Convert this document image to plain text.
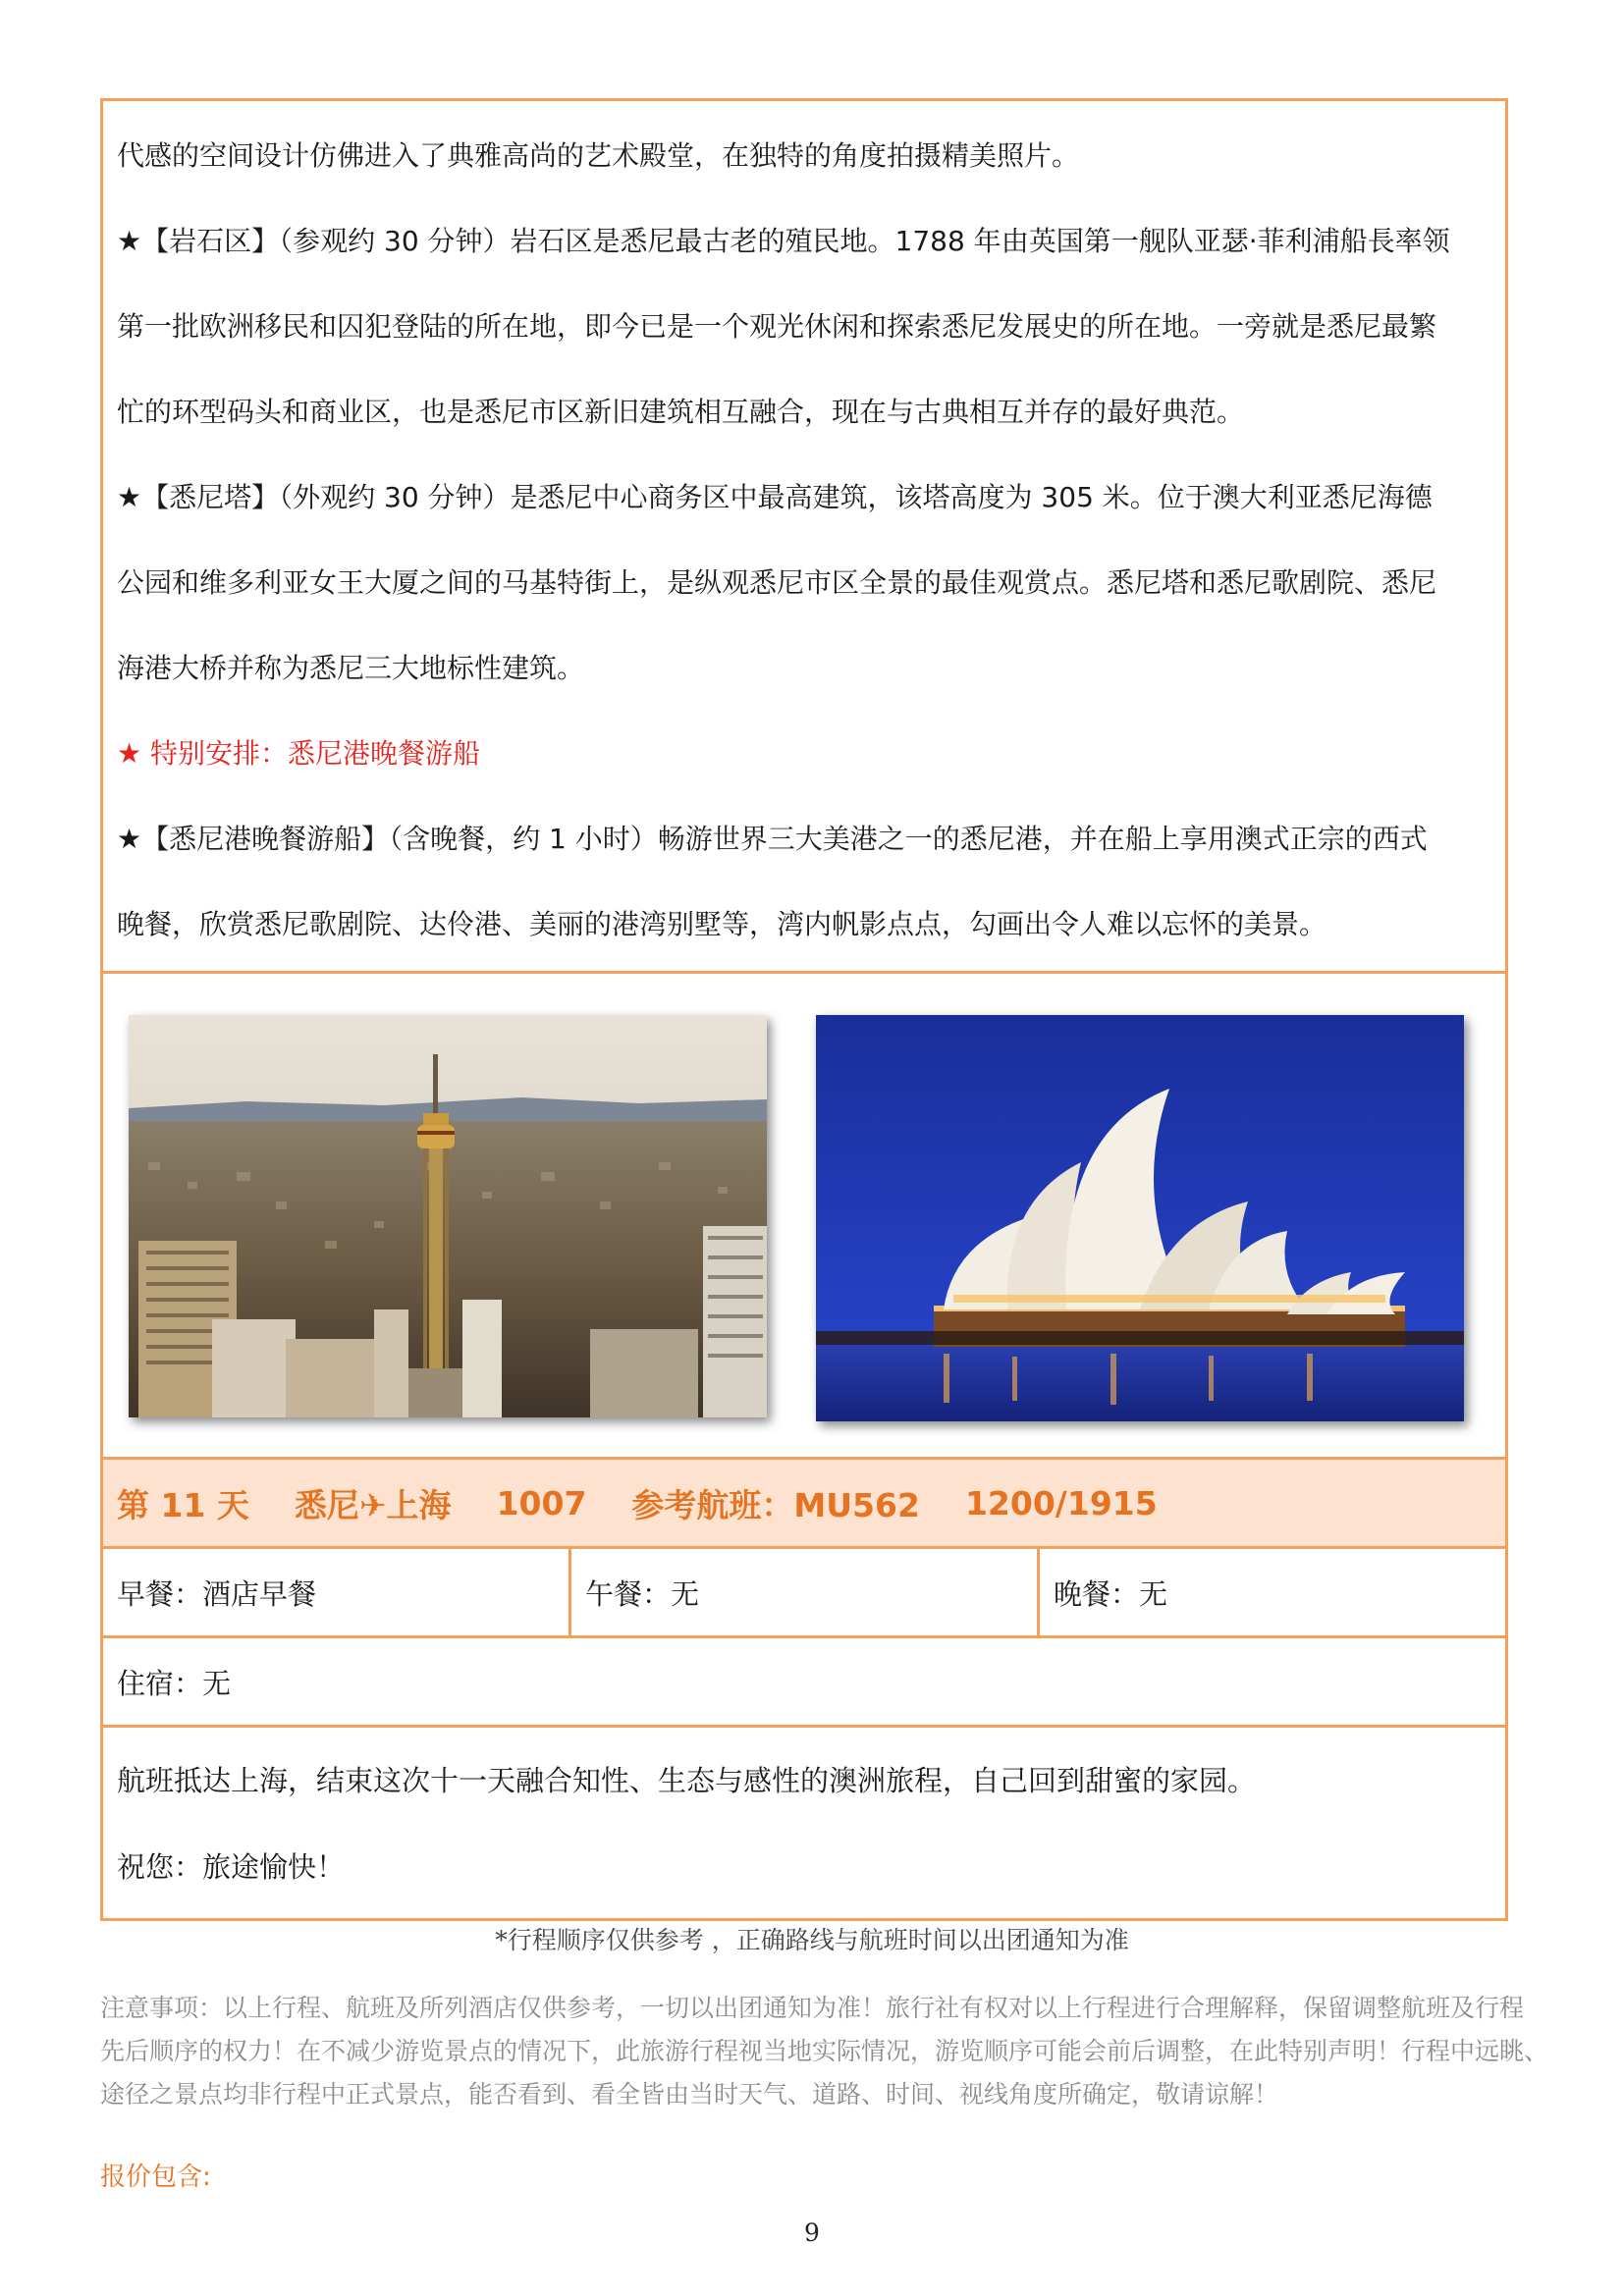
代感的空间设计仿佛进入了典雅高尚的艺术殿堂，在独特的角度拍摄精美照片。

★【岩石区】（参观约 30 分钟）岩石区是悉尼最古老的殖民地。1788 年由英国第一舰队亚瑟·菲利浦船長率领

第一批欧洲移民和囚犯登陆的所在地，即今已是一个观光休闲和探索悉尼发展史的所在地。一旁就是悉尼最繁

忙的环型码头和商业区，也是悉尼市区新旧建筑相互融合，现在与古典相互并存的最好典范。

★【悉尼塔】（外观约 30 分钟）是悉尼中心商务区中最高建筑，该塔高度为 305 米。位于澳大利亚悉尼海德

公园和维多利亚女王大厦之间的马基特街上，是纵观悉尼市区全景的最佳观赏点。悉尼塔和悉尼歌剧院、悉尼

海港大桥并称为悉尼三大地标性建筑。

★ 特别安排：悉尼港晚餐游船

★【悉尼港晚餐游船】（含晚餐，约 1 小时）畅游世界三大美港之一的悉尼港，并在船上享用澳式正宗的西式

晚餐，欣赏悉尼歌剧院、达伶港、美丽的港湾别墅等，湾内帆影点点，勾画出令人难以忘怀的美景。

第 11 天 悉尼✈上海 1007 参考航班：MU562 1200/1915
早餐：酒店早餐	午餐：无	晚餐：无
住宿：无

航班抵达上海，结束这次十一天融合知性、生态与感性的澳洲旅程，自己回到甜蜜的家园。

祝您：旅途愉快！

*行程顺序仅供参考 ，正确路线与航班时间以出团通知为准
注意事项：以上行程、航班及所列酒店仅供参考，一切以出团通知为准！旅行社有权对以上行程进行合理解释，保留调整航班及行程
先后顺序的权力！在不减少游览景点的情况下，此旅游行程视当地实际情况，游览顺序可能会前后调整，在此特别声明！行程中远眺、
途径之景点均非行程中正式景点，能否看到、看全皆由当时天气、道路、时间、视线角度所确定，敬请谅解！
报价包含:
9
